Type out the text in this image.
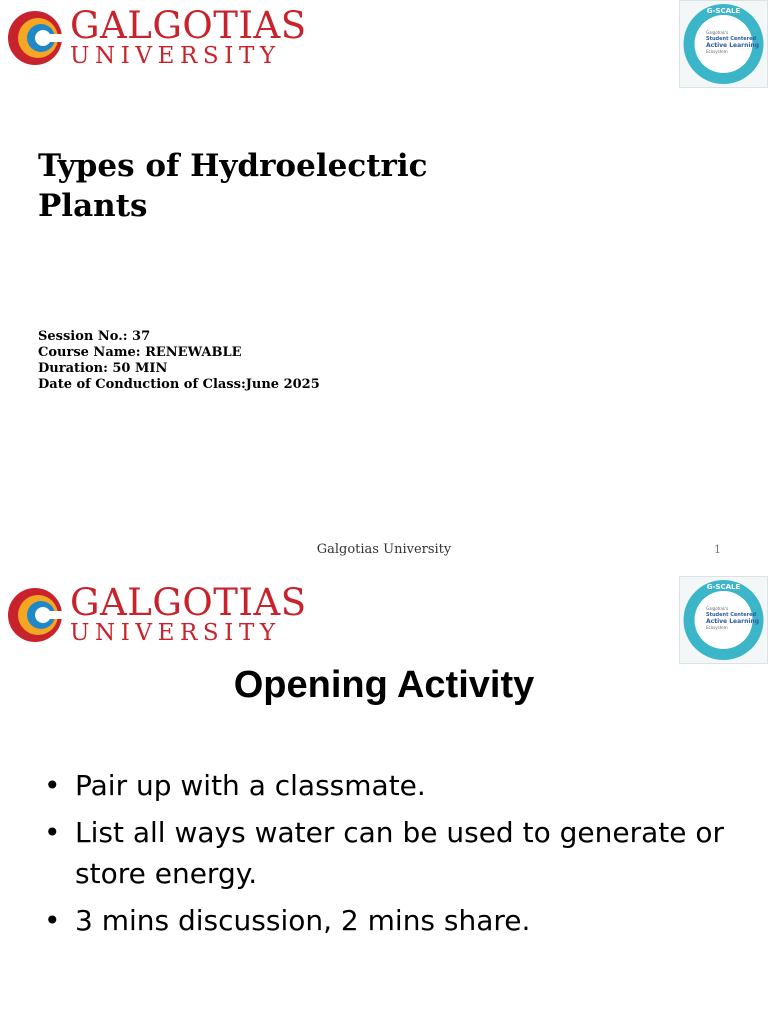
GALGOTIAS
UNIVERSITY
G-SCALE
Galgotias's
Student Centered
Active Learning
Ecosystem
Types of Hydroelectric Plants
Session No.: 37
Course Name: RENEWABLE
Duration: 50 MIN
Date of Conduction of Class:June 2025
Galgotias University	1
GALGOTIAS
UNIVERSITY
G-SCALE
Galgotias's
Student Centered
Active Learning
Ecosystem
Opening Activity
• Pair up with a classmate.
• List all ways water can be used to generate or store energy.
• 3 mins discussion, 2 mins share.
